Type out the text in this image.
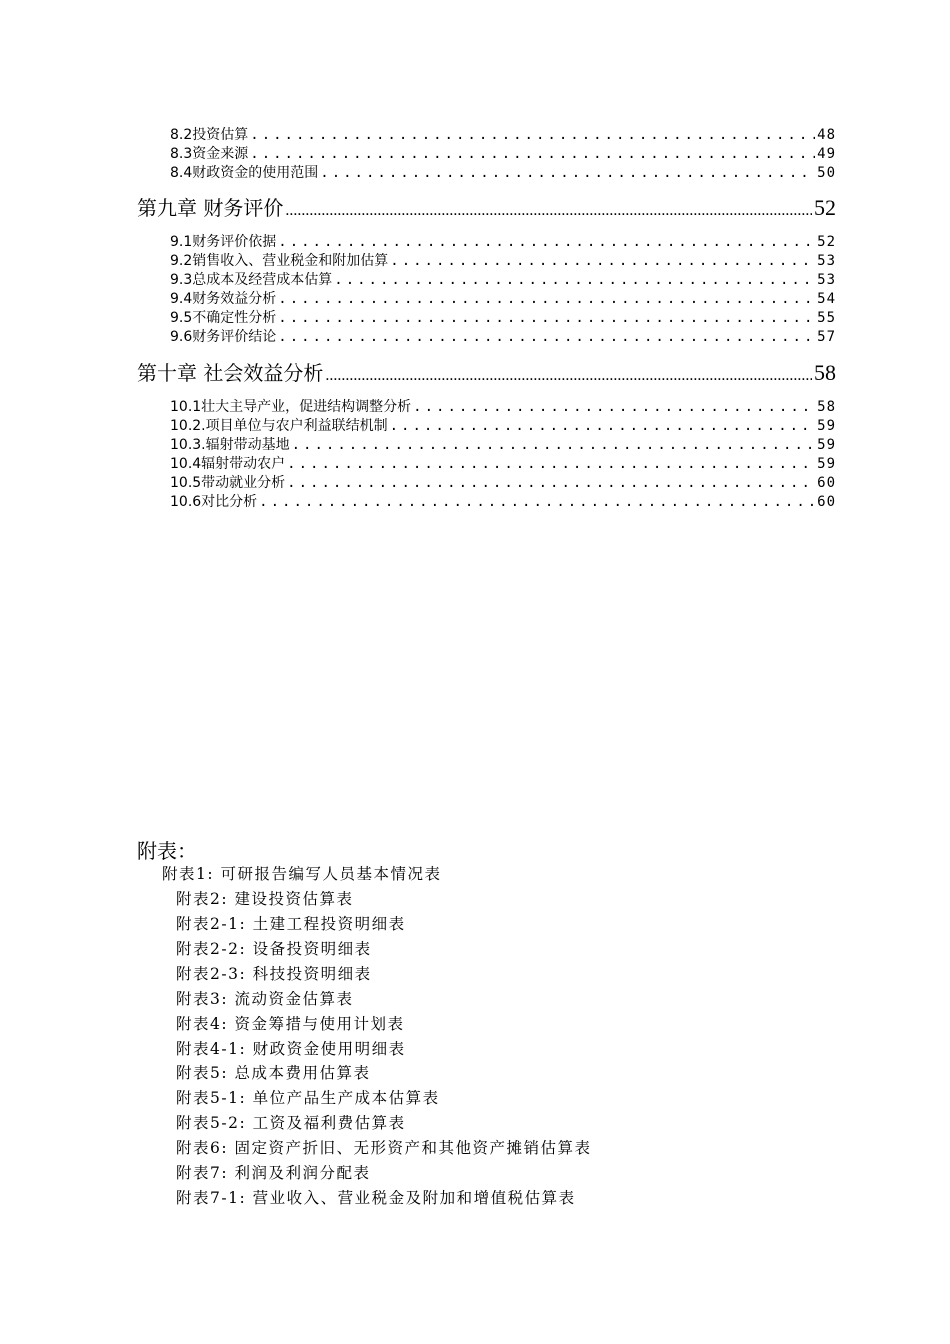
8.2投资估算 .....	48
8.3资金来源 .....	49
8.4财政资金的使用范围 .....	50
第九章 财务评价 .....	52
9.1财务评价依据 .....	52
9.2销售收入、营业税金和附加估算 .....	53
9.3总成本及经营成本估算 .....	53
9.4财务效益分析 .....	54
9.5不确定性分析 .....	55
9.6财务评价结论 .....	57
第十章 社会效益分析 .....	58
10.1壮大主导产业，促进结构调整分析 .....	58
10.2.项目单位与农户利益联结机制 .....	59
10.3.辐射带动基地 .....	59
10.4辐射带动农户 .....	59
10.5带动就业分析 .....	60
10.6对比分析 .....	60
附表：
附表1: 可研报告编写人员基本情况表
附表2: 建设投资估算表
附表2-1: 土建工程投资明细表
附表2-2: 设备投资明细表
附表2-3: 科技投资明细表
附表3: 流动资金估算表
附表4: 资金筹措与使用计划表
附表4-1: 财政资金使用明细表
附表5: 总成本费用估算表
附表5-1: 单位产品生产成本估算表
附表5-2: 工资及福利费估算表
附表6: 固定资产折旧、无形资产和其他资产摊销估算表
附表7: 利润及利润分配表
附表7-1: 营业收入、营业税金及附加和增值税估算表
